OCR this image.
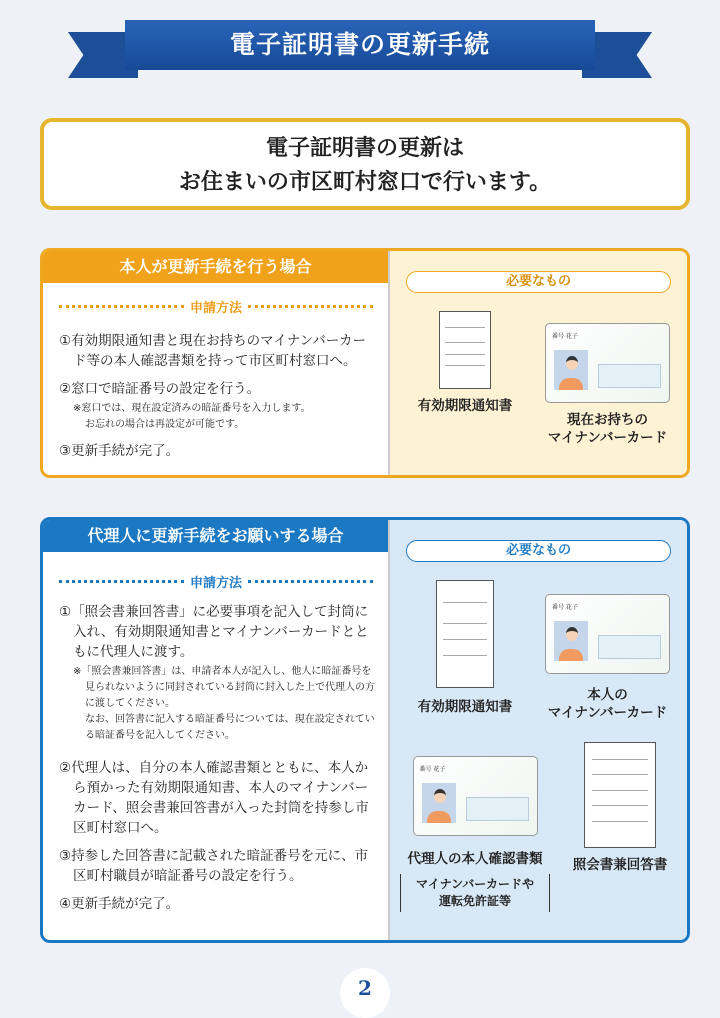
電子証明書の更新手続
電子証明書の更新は
お住まいの市区町村窓口で行います。
本人が更新手続を行う場合
申請方法
①有効期限通知書と現在お持ちのマイナンバーカード等の本人確認書類を持って市区町村窓口へ。
②窓口で暗証番号の設定を行う。
※窓口では、現在設定済みの暗証番号を入力します。
お忘れの場合は再設定が可能です。
③更新手続が完了。
必要なもの
有効期限通知書
番号 花子
現在お持ちの
マイナンバーカード
代理人に更新手続をお願いする場合
申請方法
①「照会書兼回答書」に必要事項を記入して封筒に入れ、有効期限通知書とマイナンバーカードとともに代理人に渡す。
※「照会書兼回答書」は、申請者本人が記入し、他人に暗証番号を見られないように同封されている封筒に封入した上で代理人の方に渡してください。
なお、回答書に記入する暗証番号については、現在設定されている暗証番号を記入してください。
②代理人は、自分の本人確認書類とともに、本人から預かった有効期限通知書、本人のマイナンバーカード、照会書兼回答書が入った封筒を持参し市区町村窓口へ。
③持参した回答書に記載された暗証番号を元に、市区町村職員が暗証番号の設定を行う。
④更新手続が完了。
必要なもの
有効期限通知書
番号 花子
本人の
マイナンバーカード
番号 花子
代理人の本人確認書類
マイナンバーカードや
運転免許証等
照会書兼回答書
2
